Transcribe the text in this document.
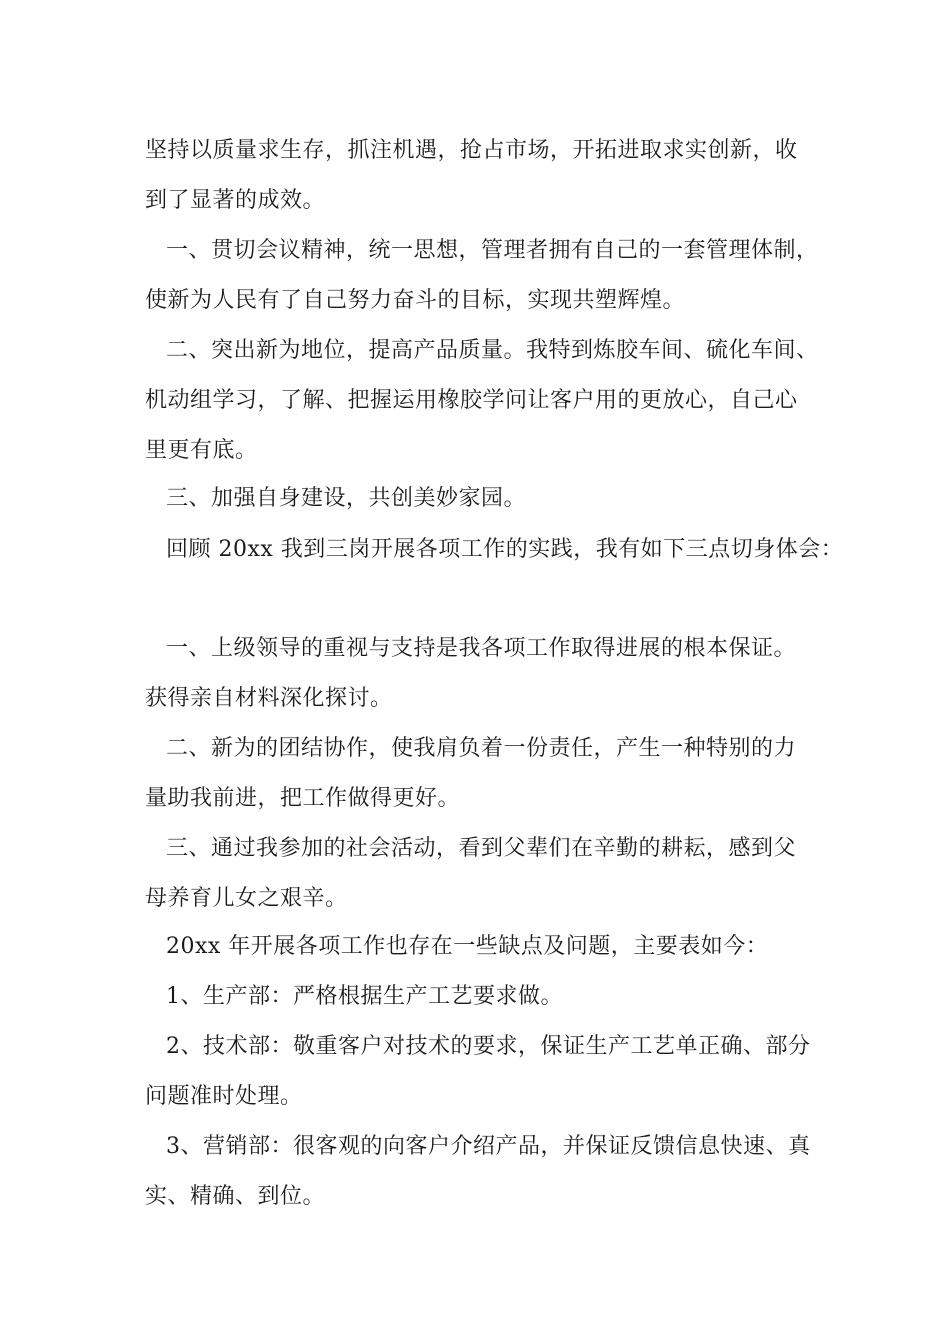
坚持以质量求生存，抓注机遇，抢占市场，开拓进取求实创新，收
到了显著的成效。
一、贯切会议精神，统一思想，管理者拥有自己的一套管理体制，
使新为人民有了自己努力奋斗的目标，实现共塑辉煌。
二、突出新为地位，提高产品质量。我特到炼胶车间、硫化车间、
机动组学习，了解、把握运用橡胶学问让客户用的更放心，自己心
里更有底。
三、加强自身建设，共创美妙家园。
回顾 20xx 我到三岗开展各项工作的实践，我有如下三点切身体会：
一、上级领导的重视与支持是我各项工作取得进展的根本保证。
获得亲自材料深化探讨。
二、新为的团结协作，使我肩负着一份责任，产生一种特别的力
量助我前进，把工作做得更好。
三、通过我参加的社会活动，看到父辈们在辛勤的耕耘，感到父
母养育儿女之艰辛。
20xx 年开展各项工作也存在一些缺点及问题，主要表如今：
1、生产部：严格根据生产工艺要求做。
2、技术部：敬重客户对技术的要求，保证生产工艺单正确、部分
问题准时处理。
3、营销部：很客观的向客户介绍产品，并保证反馈信息快速、真
实、精确、到位。
